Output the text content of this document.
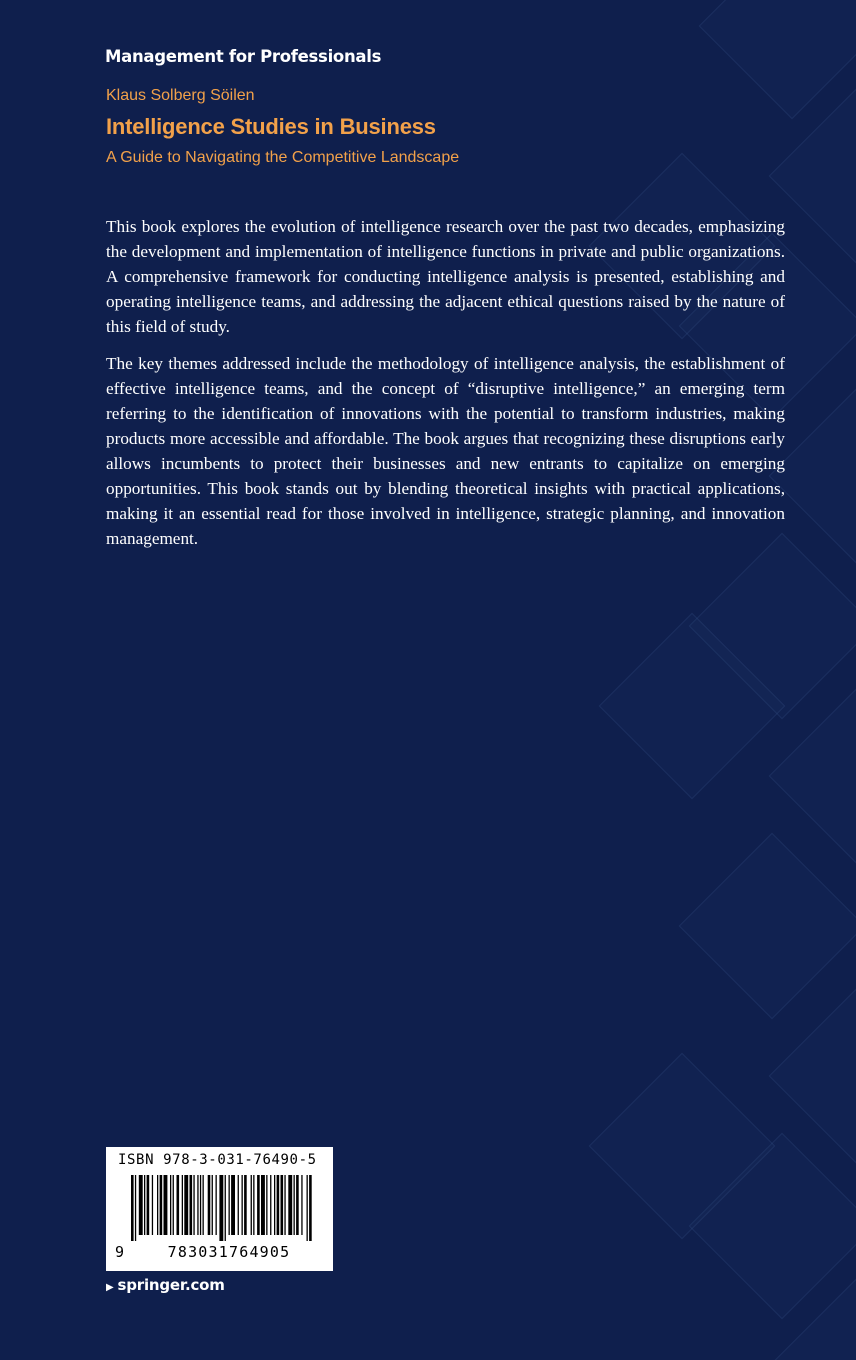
Management for Professionals
Klaus Solberg Söilen
Intelligence Studies in Business
A Guide to Navigating the Competitive Landscape

This book explores the evolution of intelligence research over the past two decades, emphasizing the development and implementation of intelligence functions in private and public organizations. A comprehensive framework for conducting intelligence analysis is presented, establishing and operating intelligence teams, and addressing the adjacent ethical questions raised by the nature of this field of study.

The key themes addressed include the methodology of intelligence analysis, the establishment of effective intelligence teams, and the concept of “disruptive intelligence,” an emerging term referring to the identification of innovations with the potential to transform industries, making products more accessible and affordable. The book argues that recognizing these disruptions early allows incumbents to protect their businesses and new entrants to capitalize on emerging opportunities. This book stands out by blending theoretical insights with practical applications, making it an essential read for those involved in intelligence, strategic planning, and innovation management.

ISBN 978-3-031-76490-5
9	783031764905
▶ springer.com
